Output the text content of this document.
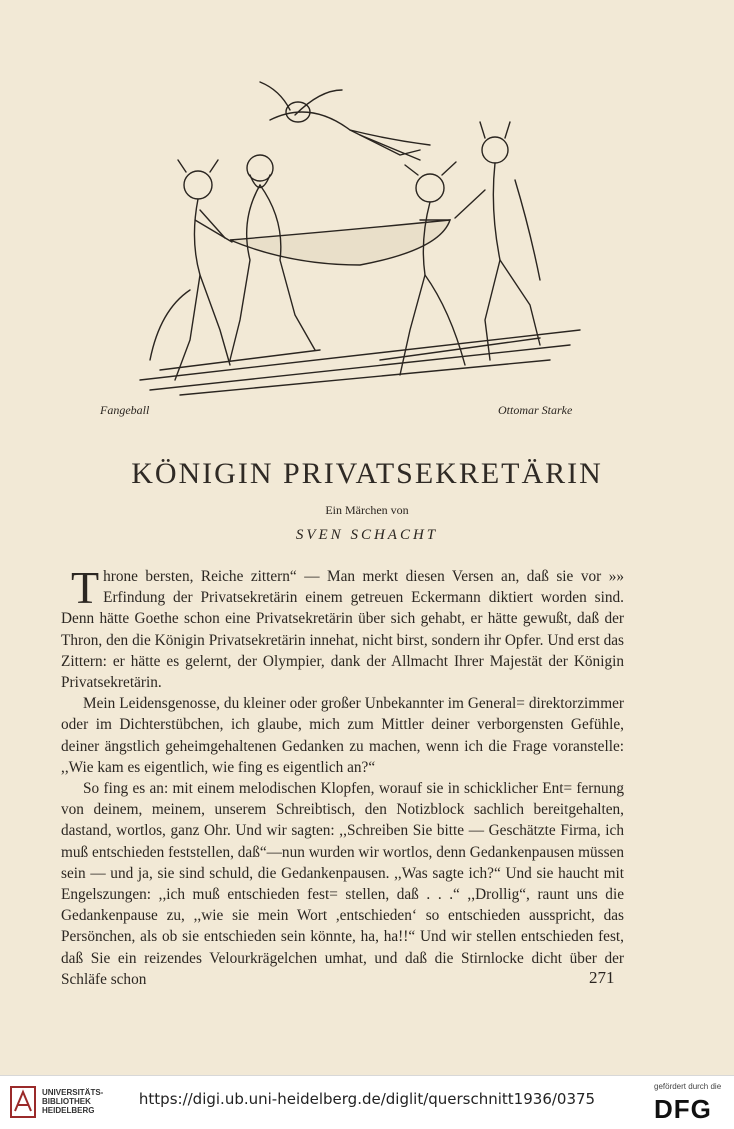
Fangeball	Ottomar Starke
KÖNIGIN PRIVATSEKRETÄRIN
Ein Märchen von
SVEN SCHACHT

Throne bersten, Reiche zittern“ — Man merkt diesen Versen an, daß sie vor »» Erfindung der Privatsekretärin einem getreuen Eckermann diktiert worden sind. Denn hätte Goethe schon eine Privatsekretärin über sich gehabt, er hätte gewußt, daß der Thron, den die Königin Privatsekretärin innehat, nicht birst, sondern ihr Opfer. Und erst das Zittern: er hätte es gelernt, der Olympier, dank der Allmacht Ihrer Majestät der Königin Privatsekretärin.

Mein Leidensgenosse, du kleiner oder großer Unbekannter im General= direktorzimmer oder im Dichterstübchen, ich glaube, mich zum Mittler deiner verborgensten Gefühle, deiner ängstlich geheimgehaltenen Gedanken zu machen, wenn ich die Frage voranstelle: ,,Wie kam es eigentlich, wie fing es eigentlich an?“

So fing es an: mit einem melodischen Klopfen, worauf sie in schicklicher Ent= fernung von deinem, meinem, unserem Schreibtisch, den Notizblock sachlich bereitgehalten, dastand, wortlos, ganz Ohr. Und wir sagten: ,,Schreiben Sie bitte — Geschätzte Firma, ich muß entschieden feststellen, daß“—nun wurden wir wortlos, denn Gedankenpausen müssen sein — und ja, sie sind schuld, die Gedankenpausen. ,,Was sagte ich?“ Und sie haucht mit Engelszungen: ,,ich muß entschieden fest= stellen, daß . . .“ ,,Drollig“, raunt uns die Gedankenpause zu, ,,wie sie mein Wort ,entschieden‘ so entschieden ausspricht, das Persönchen, als ob sie entschieden sein könnte, ha, ha!!“ Und wir stellen entschieden fest, daß Sie ein reizendes Velourkrägelchen umhat, und daß die Stirnlocke dicht über der Schläfe schon	271
UNIVERSITÄTS-
BIBLIOTHEK
HEIDELBERG
https://digi.ub.uni-heidelberg.de/diglit/querschnitt1936/0375
gefördert durch die
DFG
